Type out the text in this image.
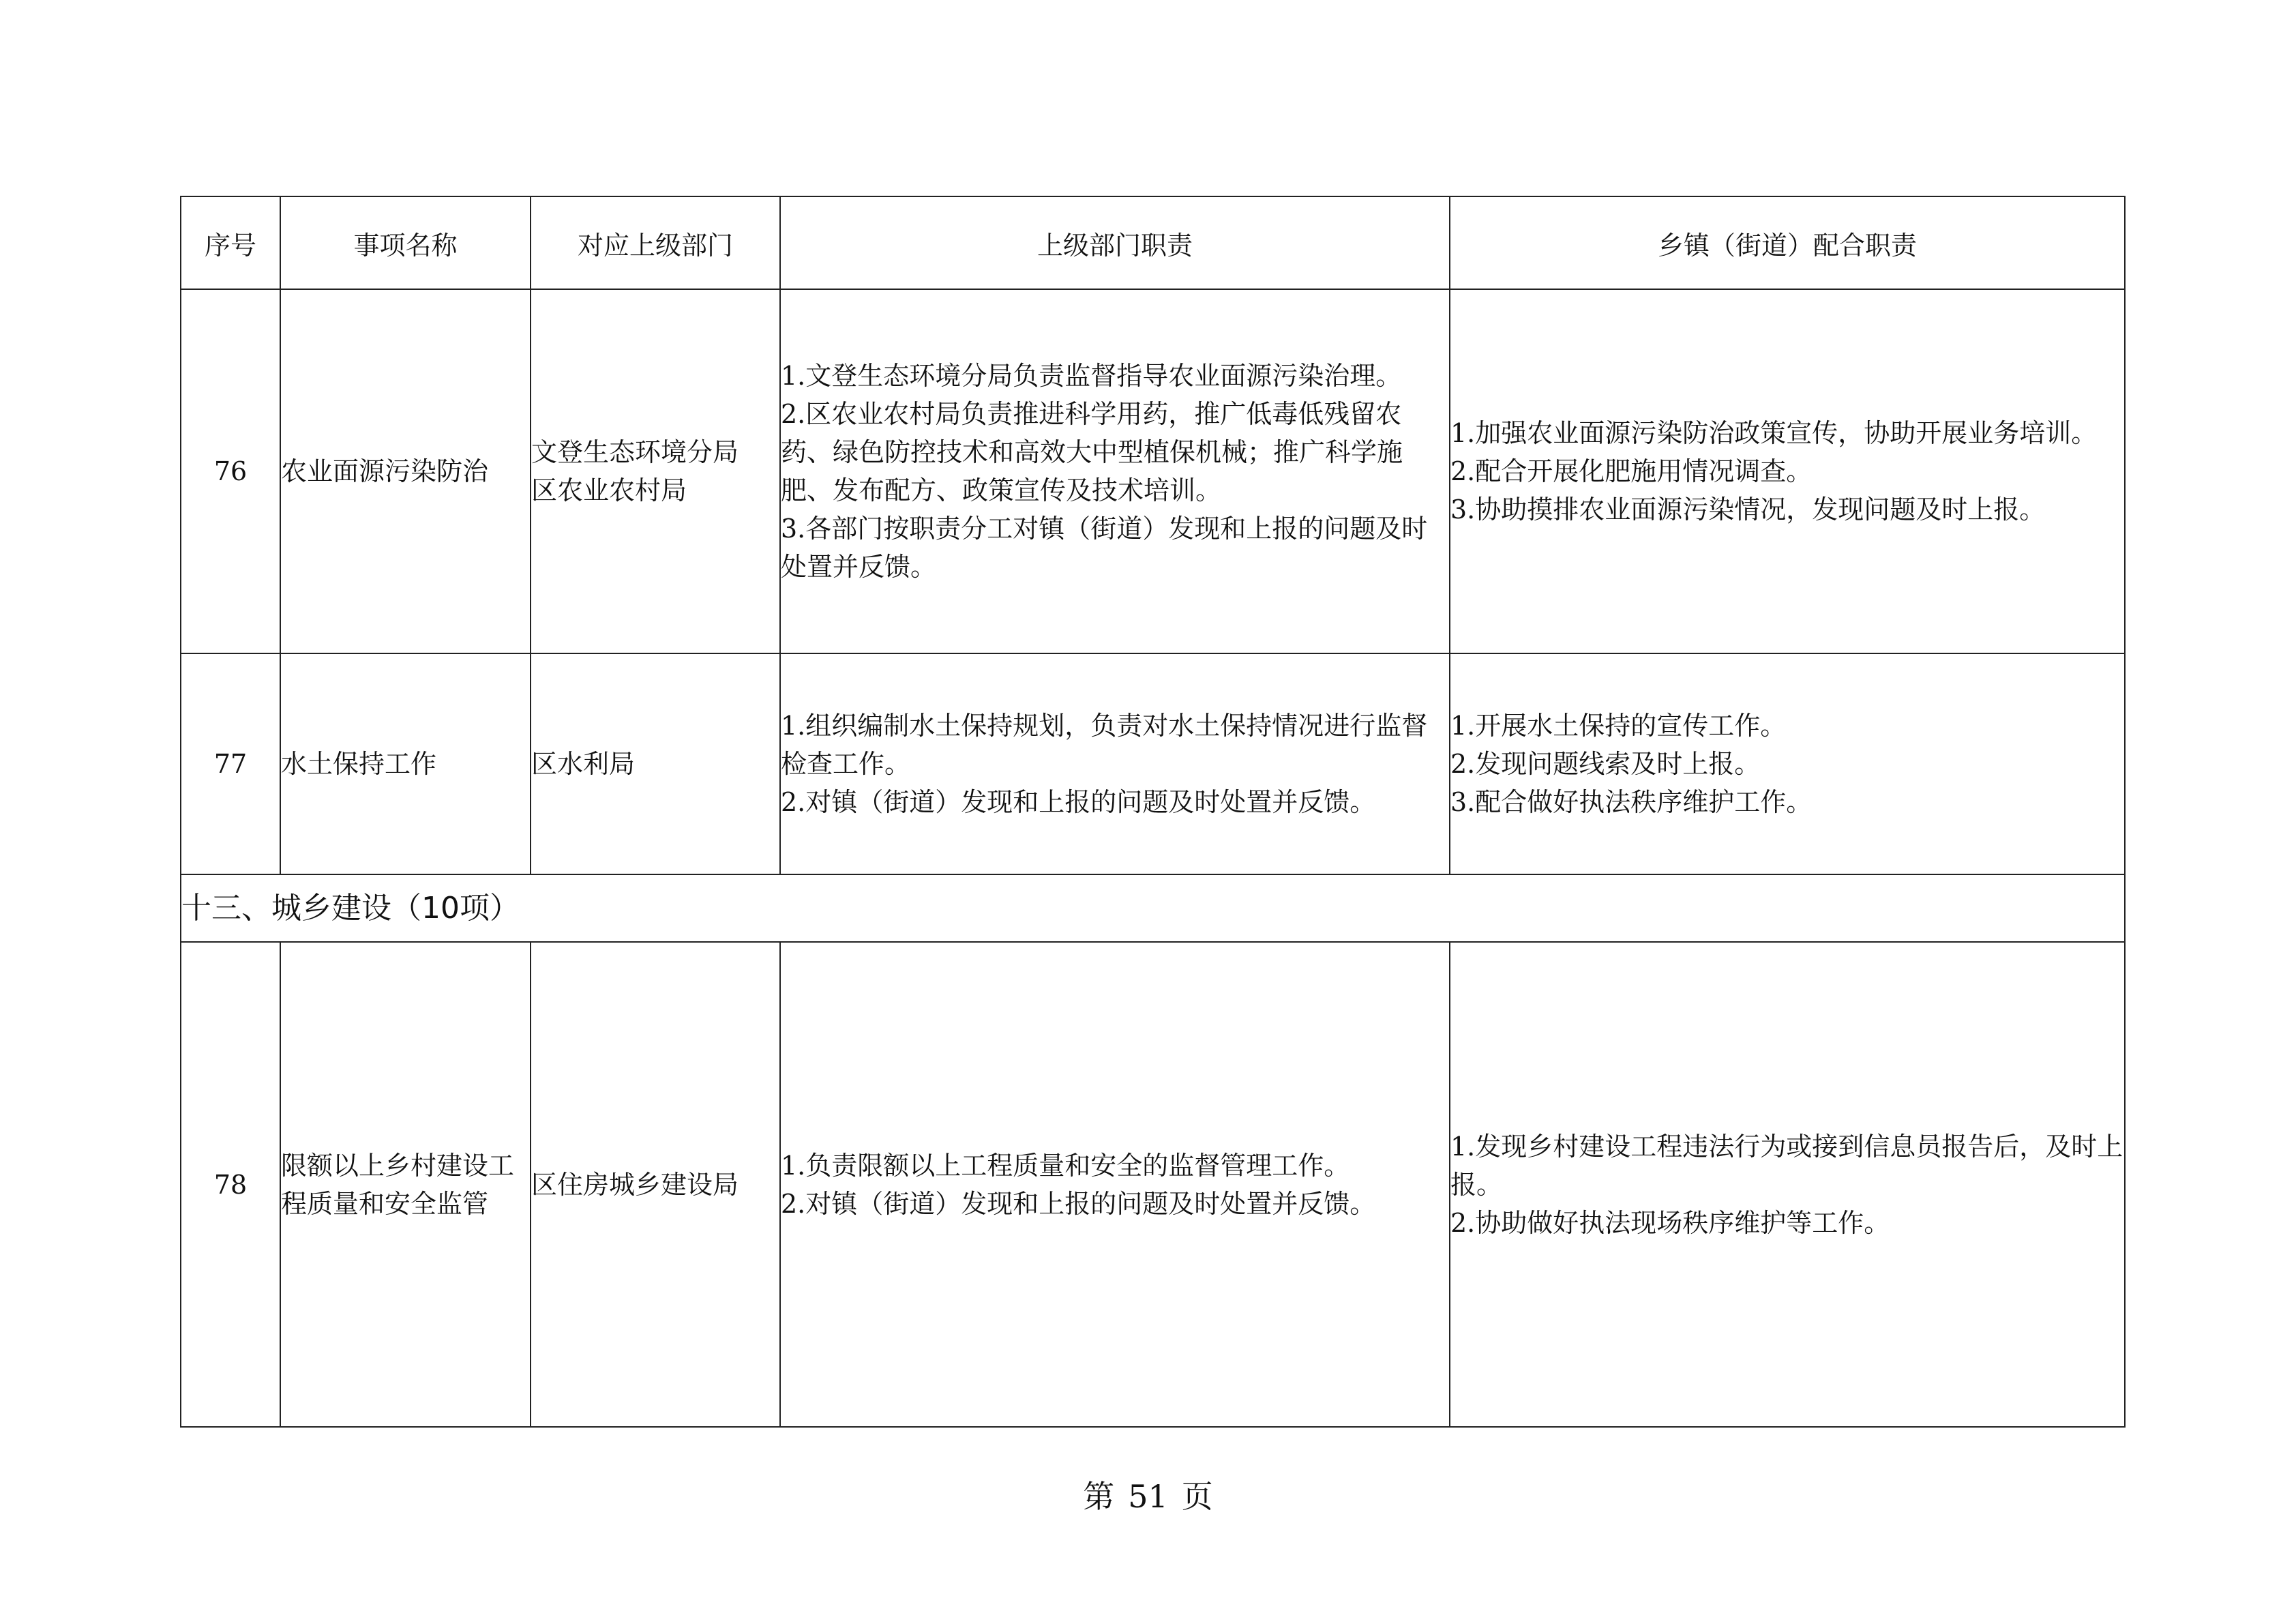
序号	事项名称	对应上级部门	上级部门职责	乡镇（街道）配合职责
76	农业面源污染防治	文登生态环境分局
区农业农村局	1.文登生态环境分局负责监督指导农业面源污染治理。
2.区农业农村局负责推进科学用药，推广低毒低残留农药、绿色防控技术和高效大中型植保机械；推广科学施肥、发布配方、政策宣传及技术培训。
3.各部门按职责分工对镇（街道）发现和上报的问题及时处置并反馈。	1.加强农业面源污染防治政策宣传，协助开展业务培训。
2.配合开展化肥施用情况调查。
3.协助摸排农业面源污染情况，发现问题及时上报。

77	水土保持工作	区水利局	1.组织编制水土保持规划，负责对水土保持情况进行监督检查工作。
2.对镇（街道）发现和上报的问题及时处置并反馈。	1.开展水土保持的宣传工作。
2.发现问题线索及时上报。
3.配合做好执法秩序维护工作。

十三、城乡建设（10项）				
78	限额以上乡村建设工程质量和安全监管	区住房城乡建设局	1.负责限额以上工程质量和安全的监督管理工作。
2.对镇（街道）发现和上报的问题及时处置并反馈。	1.发现乡村建设工程违法行为或接到信息员报告后，及时上报。
2.协助做好执法现场秩序维护等工作。
第 51 页
